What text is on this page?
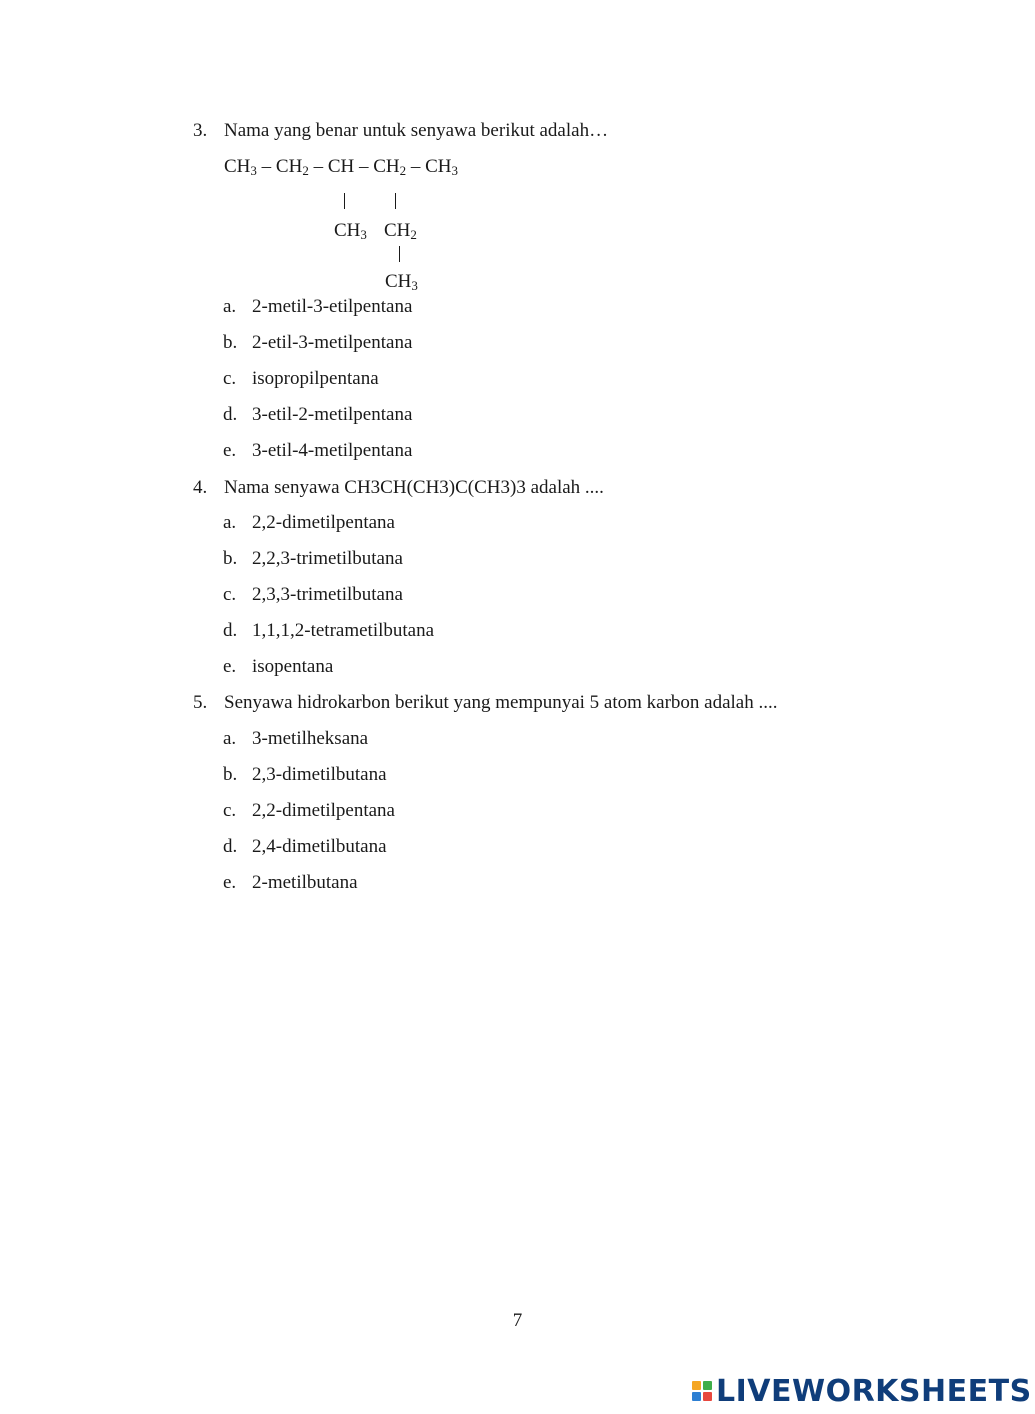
3. Nama yang benar untuk senyawa berikut adalah…
$CH_3 - CH_2$ – CH – $CH_2 - CH_3$
$CH_3$ $CH_2$
$CH_3$
a. 2-metil-3-etilpentana
b. 2-etil-3-metilpentana
c. isopropilpentana
d. 3-etil-2-metilpentana
e. 3-etil-4-metilpentana
4. Nama senyawa CH3CH(CH3)C(CH3)3 adalah ....
a. 2,2-dimetilpentana
b. 2,2,3-trimetilbutana
c. 2,3,3-trimetilbutana
d. 1,1,1,2-tetrametilbutana
e. isopentana
5. Senyawa hidrokarbon berikut yang mempunyai 5 atom karbon adalah ....
a. 3-metilheksana
b. 2,3-dimetilbutana
c. 2,2-dimetilpentana
d. 2,4-dimetilbutana
e. 2-metilbutana
7
LIVEWORKSHEETS
